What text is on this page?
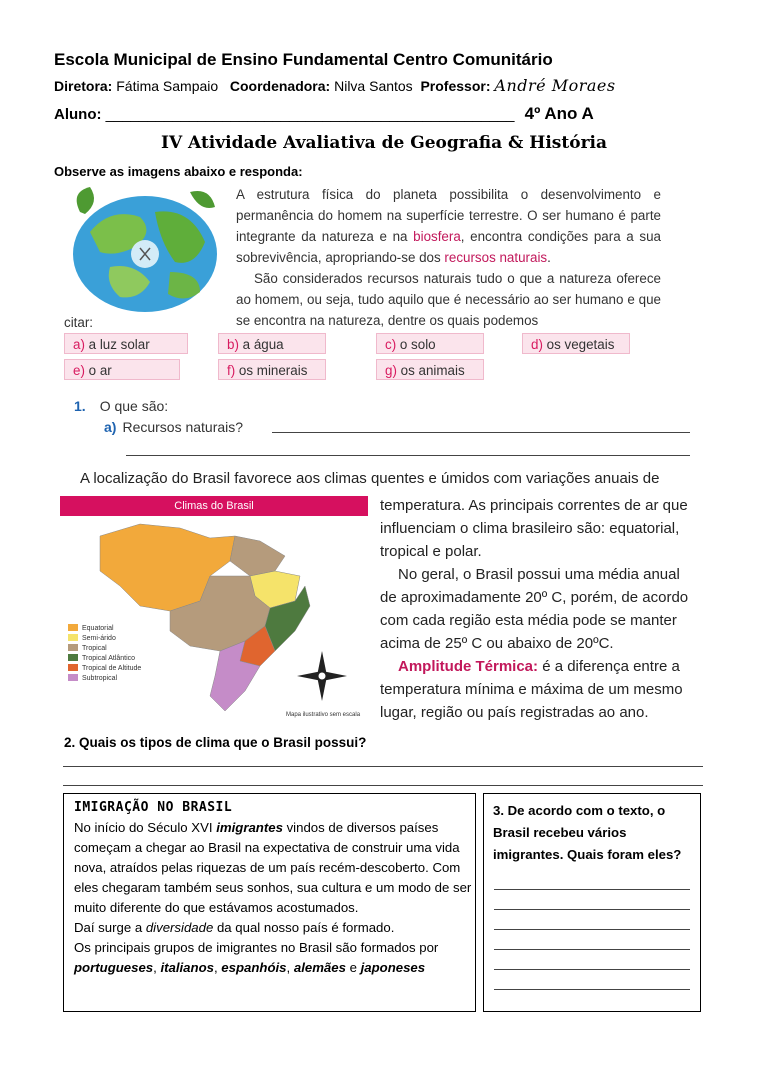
Escola Municipal de Ensino Fundamental Centro Comunitário
Diretora: Fátima Sampaio Coordenadora: Nilva Santos Professor: André Moraes
Aluno: _________________________________________________ 4º Ano A
IV Atividade Avaliativa de Geografia & História
Observe as imagens abaixo e responda:
A estrutura física do planeta possibilita o desenvolvimento e permanência do homem na superfície terrestre. O ser humano é parte integrante da natureza e na biosfera, encontra condições para a sua sobrevivência, apropriando-se dos recursos naturais.
São considerados recursos naturais tudo o que a natureza oferece ao homem, ou seja, tudo aquilo que é necessário ao ser humano e que se encontra na natureza, dentre os quais podemos
citar:
a) a luz solar	b) a água	c) o solo	d) os vegetais
e) o ar	f) os minerais	g) os animais
1. O que são:
a) Recursos naturais?
A localização do Brasil favorece aos climas quentes e úmidos com variações anuais de
Climas do Brasil
Equatorial
Semi-árido
Tropical
Tropical Atlântico
Tropical de Altitude
Subtropical
Mapa ilustrativo sem escala
temperatura. As principais correntes de ar que influenciam o clima brasileiro são: equatorial, tropical e polar.
No geral, o Brasil possui uma média anual de aproximadamente 20º C, porém, de acordo com cada região esta média pode se manter acima de 25º C ou abaixo de 20ºC.
Amplitude Térmica: é a diferença entre a temperatura mínima e máxima de um mesmo lugar, região ou país registradas ao ano.
2. Quais os tipos de clima que o Brasil possui?
IMIGRAÇÃO NO BRASIL
No início do Século XVI imigrantes vindos de diversos países começam a chegar ao Brasil na expectativa de construir uma vida nova, atraídos pelas riquezas de um país recém-descoberto. Com eles chegaram também seus sonhos, sua cultura e um modo de ser muito diferente do que estávamos acostumados.
Daí surge a diversidade da qual nosso país é formado.
Os principais grupos de imigrantes no Brasil são formados por portugueses, italianos, espanhóis, alemães e japoneses
3. De acordo com o texto, o Brasil recebeu vários imigrantes. Quais foram eles?
